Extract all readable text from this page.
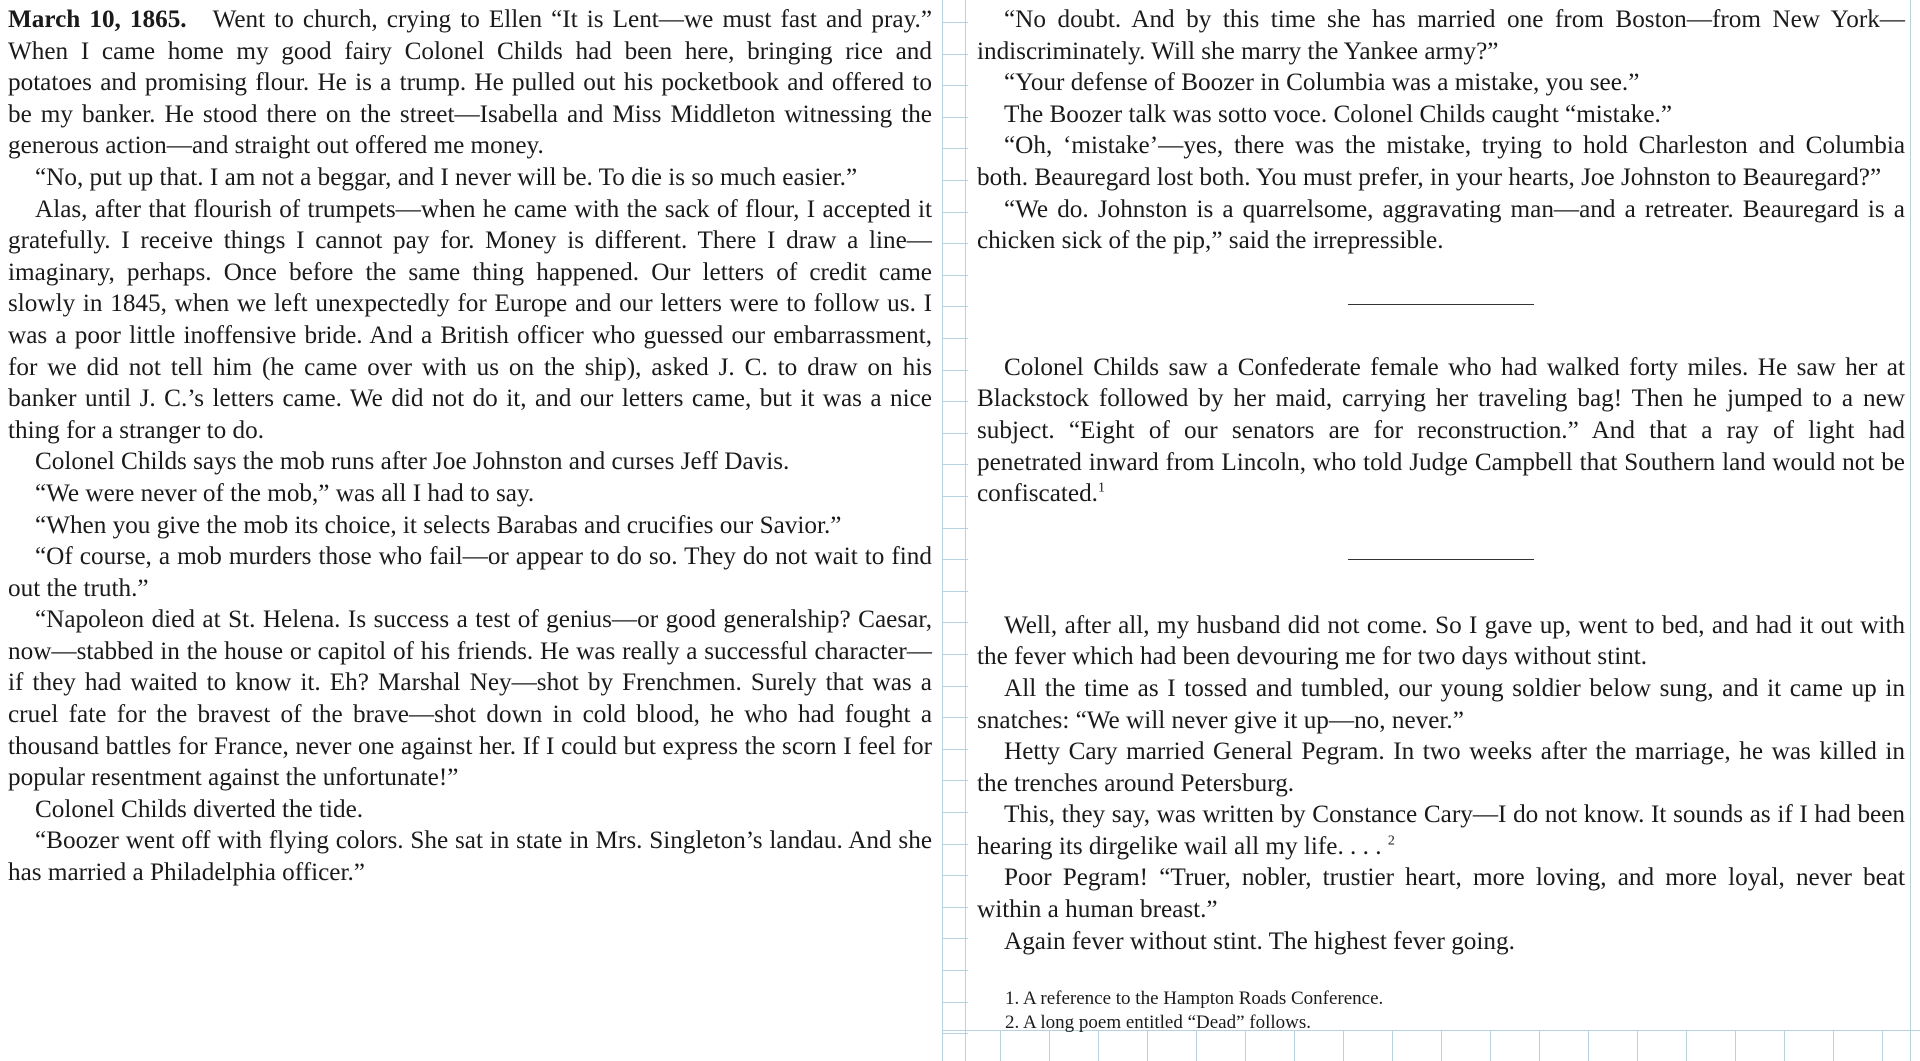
March 10, 1865. Went to church, crying to Ellen “It is Lent—we must fast and pray.” When I came home my good fairy Colonel Childs had been here, bringing rice and potatoes and promising flour. He is a trump. He pulled out his pocketbook and offered to be my banker. He stood there on the street—Isabella and Miss Middleton witnessing the generous action—and straight out offered me money.

“No, put up that. I am not a beggar, and I never will be. To die is so much easier.”

Alas, after that flourish of trumpets—when he came with the sack of flour, I accepted it gratefully. I receive things I cannot pay for. Money is different. There I draw a line—imaginary, perhaps. Once before the same thing happened. Our letters of credit came slowly in 1845, when we left unexpectedly for Europe and our letters were to follow us. I was a poor little inoffensive bride. And a British officer who guessed our embarrassment, for we did not tell him (he came over with us on the ship), asked J. C. to draw on his banker until J. C.’s letters came. We did not do it, and our letters came, but it was a nice thing for a stranger to do.

Colonel Childs says the mob runs after Joe Johnston and curses Jeff Davis.

“We were never of the mob,” was all I had to say.

“When you give the mob its choice, it selects Barabas and crucifies our Savior.”

“Of course, a mob murders those who fail—or appear to do so. They do not wait to find out the truth.”

“Napoleon died at St. Helena. Is success a test of genius—or good generalship? Caesar, now—stabbed in the house or capitol of his friends. He was really a successful character—if they had waited to know it. Eh? Marshal Ney—shot by Frenchmen. Surely that was a cruel fate for the bravest of the brave—shot down in cold blood, he who had fought a thousand battles for France, never one against her. If I could but express the scorn I feel for popular resentment against the unfortunate!”

Colonel Childs diverted the tide.

“Boozer went off with flying colors. She sat in state in Mrs. Singleton’s landau. And she has married a Philadelphia officer.”

“No doubt. And by this time she has married one from Boston—from New York—indiscriminately. Will she marry the Yankee army?”

“Your defense of Boozer in Columbia was a mistake, you see.”

The Boozer talk was sotto voce. Colonel Childs caught “mistake.”

“Oh, ‘mistake’—yes, there was the mistake, trying to hold Charleston and Columbia both. Beauregard lost both. You must prefer, in your hearts, Joe Johnston to Beauregard?”

“We do. Johnston is a quarrelsome, aggravating man—and a retreater. Beauregard is a chicken sick of the pip,” said the irrepressible.

Colonel Childs saw a Confederate female who had walked forty miles. He saw her at Blackstock followed by her maid, carrying her traveling bag! Then he jumped to a new subject. “Eight of our senators are for reconstruction.” And that a ray of light had penetrated inward from Lincoln, who told Judge Campbell that Southern land would not be confiscated.$^1$

Well, after all, my husband did not come. So I gave up, went to bed, and had it out with the fever which had been devouring me for two days without stint.

All the time as I tossed and tumbled, our young soldier below sung, and it came up in snatches: “We will never give it up—no, never.”

Hetty Cary married General Pegram. In two weeks after the marriage, he was killed in the trenches around Petersburg.

This, they say, was written by Constance Cary—I do not know. It sounds as if I had been hearing its dirgelike wail all my life. . . . $^2$

Poor Pegram! “Truer, nobler, trustier heart, more loving, and more loyal, never beat within a human breast.”

Again fever without stint. The highest fever going.

1. A reference to the Hampton Roads Conference.

2. A long poem entitled “Dead” follows.
